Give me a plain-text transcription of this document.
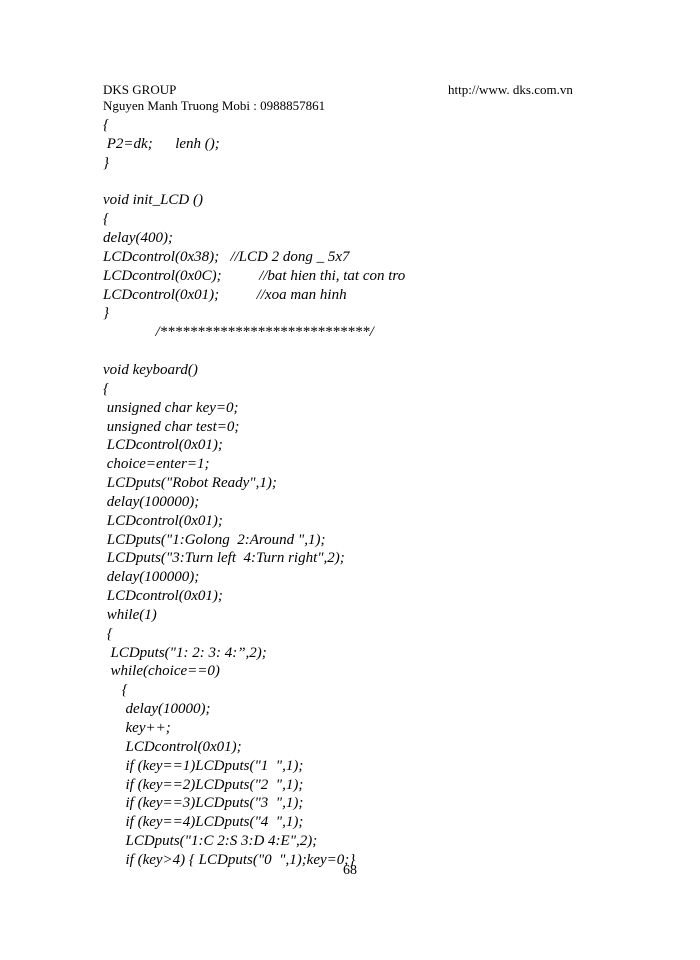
DKS GROUP	http://www. dks.com.vn
Nguyen Manh Truong Mobi : 0988857861
{
P2=dk;      lenh ();
}
void init_LCD ()
{
delay(400);
LCDcontrol(0x38);   //LCD 2 dong _ 5x7
LCDcontrol(0x0C);          //bat hien thi, tat con tro
LCDcontrol(0x01);          //xoa man hinh
}
/****************************/
void keyboard()
{
unsigned char key=0;
unsigned char test=0;
LCDcontrol(0x01);
choice=enter=1;
LCDputs("Robot Ready",1);
delay(100000);
LCDcontrol(0x01);
LCDputs("1:Golong  2:Around ",1);
LCDputs("3:Turn left  4:Turn right",2);
delay(100000);
LCDcontrol(0x01);
while(1)
{
LCDputs("1: 2: 3: 4:”,2);
while(choice==0)
{
delay(10000);
key++;
LCDcontrol(0x01);
if (key==1)LCDputs("1  ",1);
if (key==2)LCDputs("2  ",1);
if (key==3)LCDputs("3  ",1);
if (key==4)LCDputs("4  ",1);
LCDputs("1:C 2:S 3:D 4:E",2);
if (key>4) { LCDputs("0  ",1);key=0;}
68
